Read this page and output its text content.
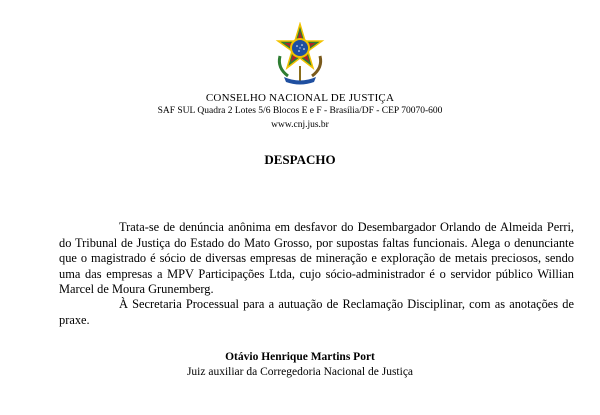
CONSELHO NACIONAL DE JUSTIÇA
SAF SUL Quadra 2 Lotes 5/6 Blocos E e F - Brasília/DF - CEP 70070-600
www.cnj.jus.br
DESPACHO
Trata-se de denúncia anônima em desfavor do Desembargador Orlando de Almeida Perri, do Tribunal de Justiça do Estado do Mato Grosso, por supostas faltas funcionais. Alega o denunciante que o magistrado é sócio de diversas empresas de mineração e exploração de metais preciosos, sendo uma das empresas a MPV Participações Ltda, cujo sócio-administrador é o servidor público Willian Marcel de Moura Grunemberg.
À Secretaria Processual para a autuação de Reclamação Disciplinar, com as anotações de praxe.
Otávio Henrique Martins Port
Juiz auxiliar da Corregedoria Nacional de Justiça
